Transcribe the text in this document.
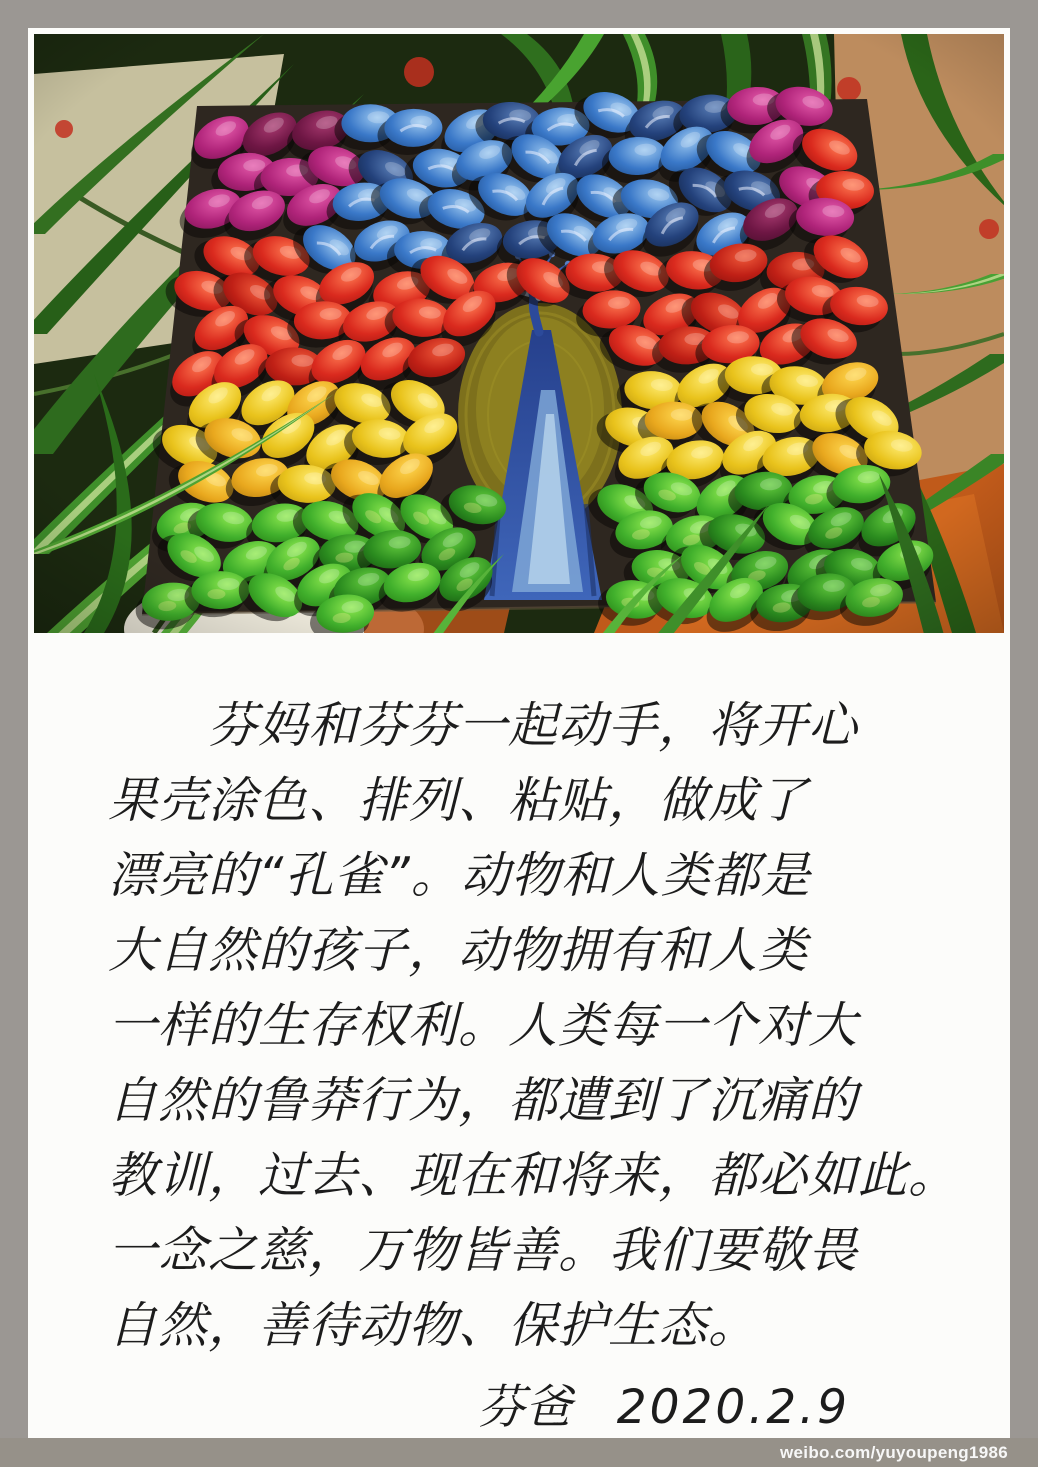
芬妈和芬芬一起动手，将开心

果壳涂色、排列、粘贴，做成了

漂亮的“孔雀”。动物和人类都是

大自然的孩子，动物拥有和人类

一样的生存权利。人类每一个对大

自然的鲁莽行为，都遭到了沉痛的

教训，过去、现在和将来，都必如此。

一念之慈，万物皆善。我们要敬畏

自然，善待动物、保护生态。

芬爸 2020.2.9
weibo.com/yuyoupeng1986
